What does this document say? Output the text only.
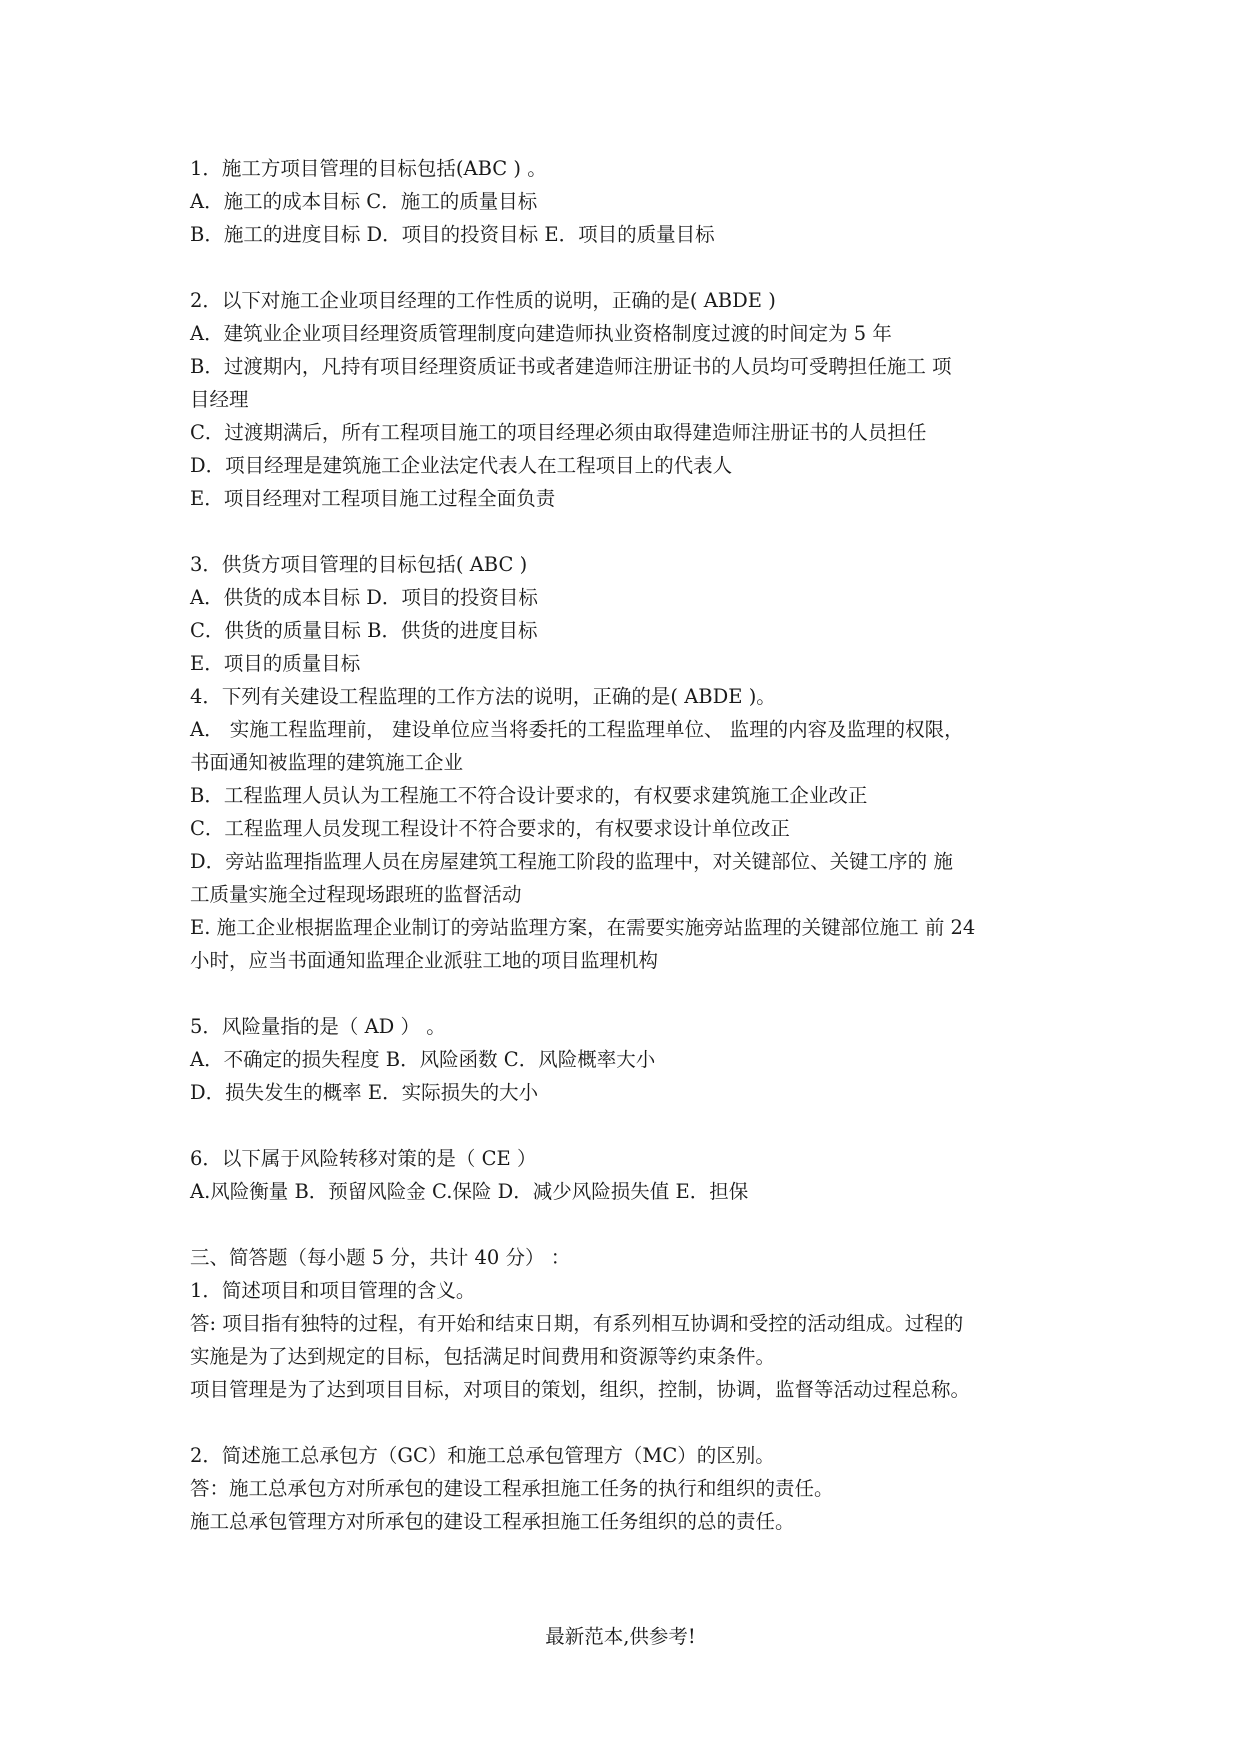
1．施工方项目管理的目标包括(ABC ) 。
A．施工的成本目标 C．施工的质量目标
B．施工的进度目标 D．项目的投资目标 E．项目的质量目标
2．以下对施工企业项目经理的工作性质的说明，正确的是( ABDE )
A．建筑业企业项目经理资质管理制度向建造师执业资格制度过渡的时间定为 5 年
B．过渡期内，凡持有项目经理资质证书或者建造师注册证书的人员均可受聘担任施工 项
目经理
C．过渡期满后，所有工程项目施工的项目经理必须由取得建造师注册证书的人员担任
D．项目经理是建筑施工企业法定代表人在工程项目上的代表人
E．项目经理对工程项目施工过程全面负责
3．供货方项目管理的目标包括( ABC )
A．供货的成本目标 D．项目的投资目标
C．供货的质量目标 B．供货的进度目标
E．项目的质量目标
4．下列有关建设工程监理的工作方法的说明，正确的是( ABDE )。
A． 实施工程监理前， 建设单位应当将委托的工程监理单位、 监理的内容及监理的权限，
书面通知被监理的建筑施工企业
B．工程监理人员认为工程施工不符合设计要求的，有权要求建筑施工企业改正
C．工程监理人员发现工程设计不符合要求的，有权要求设计单位改正
D．旁站监理指监理人员在房屋建筑工程施工阶段的监理中，对关键部位、关键工序的 施
工质量实施全过程现场跟班的监督活动
E. 施工企业根据监理企业制订的旁站监理方案，在需要实施旁站监理的关键部位施工 前 24
小时，应当书面通知监理企业派驻工地的项目监理机构
5．风险量指的是（ AD ） 。
A．不确定的损失程度 B．风险函数 C．风险概率大小
D．损失发生的概率 E．实际损失的大小
6．以下属于风险转移对策的是（ CE ）
A.风险衡量 B．预留风险金 C.保险 D．减少风险损失值 E．担保
三、简答题（每小题 5 分，共计 40 分） ：
1．简述项目和项目管理的含义。
答: 项目指有独特的过程，有开始和结束日期，有系列相互协调和受控的活动组成。过程的
实施是为了达到规定的目标，包括满足时间费用和资源等约束条件。
项目管理是为了达到项目目标，对项目的策划，组织，控制，协调，监督等活动过程总称。
2．简述施工总承包方（GC）和施工总承包管理方（MC）的区别。
答：施工总承包方对所承包的建设工程承担施工任务的执行和组织的责任。
施工总承包管理方对所承包的建设工程承担施工任务组织的总的责任。
最新范本,供参考!
